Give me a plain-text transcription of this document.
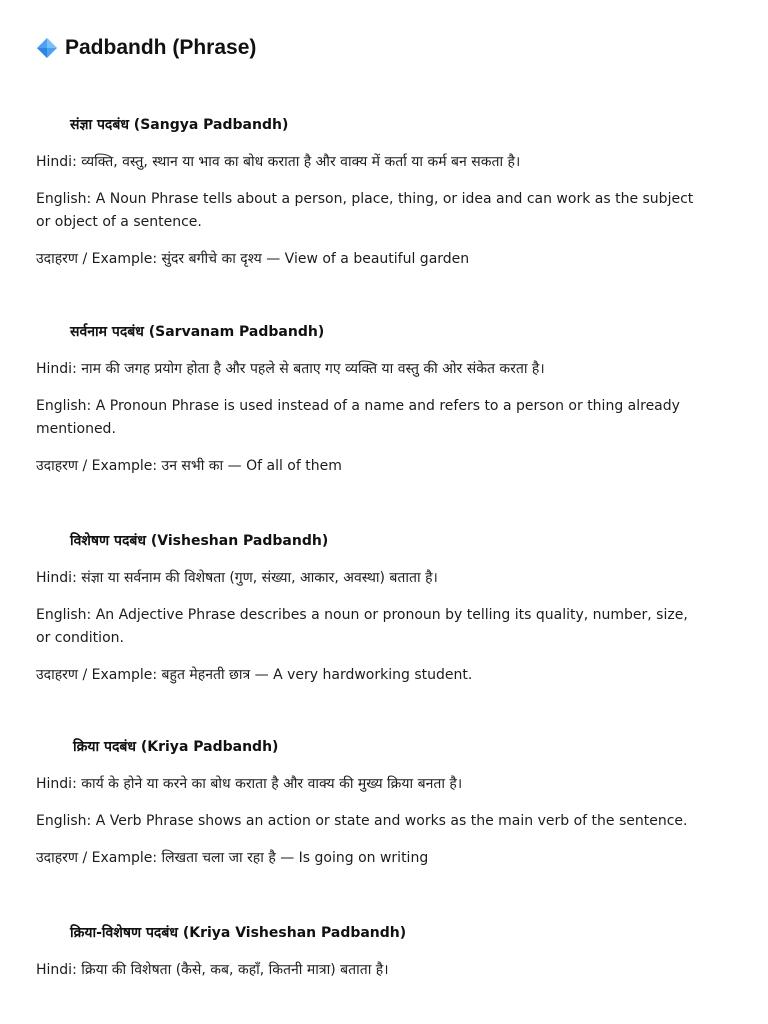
Padbandh (Phrase)
संज्ञा पदबंध (Sangya Padbandh)

Hindi: व्यक्ति, वस्तु, स्थान या भाव का बोध कराता है और वाक्य में कर्ता या कर्म बन सकता है।

English: A Noun Phrase tells about a person, place, thing, or idea and can work as the subject
or object of a sentence.

उदाहरण / Example: सुंदर बगीचे का दृश्य — View of a beautiful garden

सर्वनाम पदबंध (Sarvanam Padbandh)

Hindi: नाम की जगह प्रयोग होता है और पहले से बताए गए व्यक्ति या वस्तु की ओर संकेत करता है।

English: A Pronoun Phrase is used instead of a name and refers to a person or thing already
mentioned.

उदाहरण / Example: उन सभी का — Of all of them

विशेषण पदबंध (Visheshan Padbandh)

Hindi: संज्ञा या सर्वनाम की विशेषता (गुण, संख्या, आकार, अवस्था) बताता है।

English: An Adjective Phrase describes a noun or pronoun by telling its quality, number, size,
or condition.

उदाहरण / Example: बहुत मेहनती छात्र — A very hardworking student.

क्रिया पदबंध (Kriya Padbandh)

Hindi: कार्य के होने या करने का बोध कराता है और वाक्य की मुख्य क्रिया बनता है।

English: A Verb Phrase shows an action or state and works as the main verb of the sentence.

उदाहरण / Example: लिखता चला जा रहा है — Is going on writing

क्रिया-विशेषण पदबंध (Kriya Visheshan Padbandh)

Hindi: क्रिया की विशेषता (कैसे, कब, कहाँ, कितनी मात्रा) बताता है।
